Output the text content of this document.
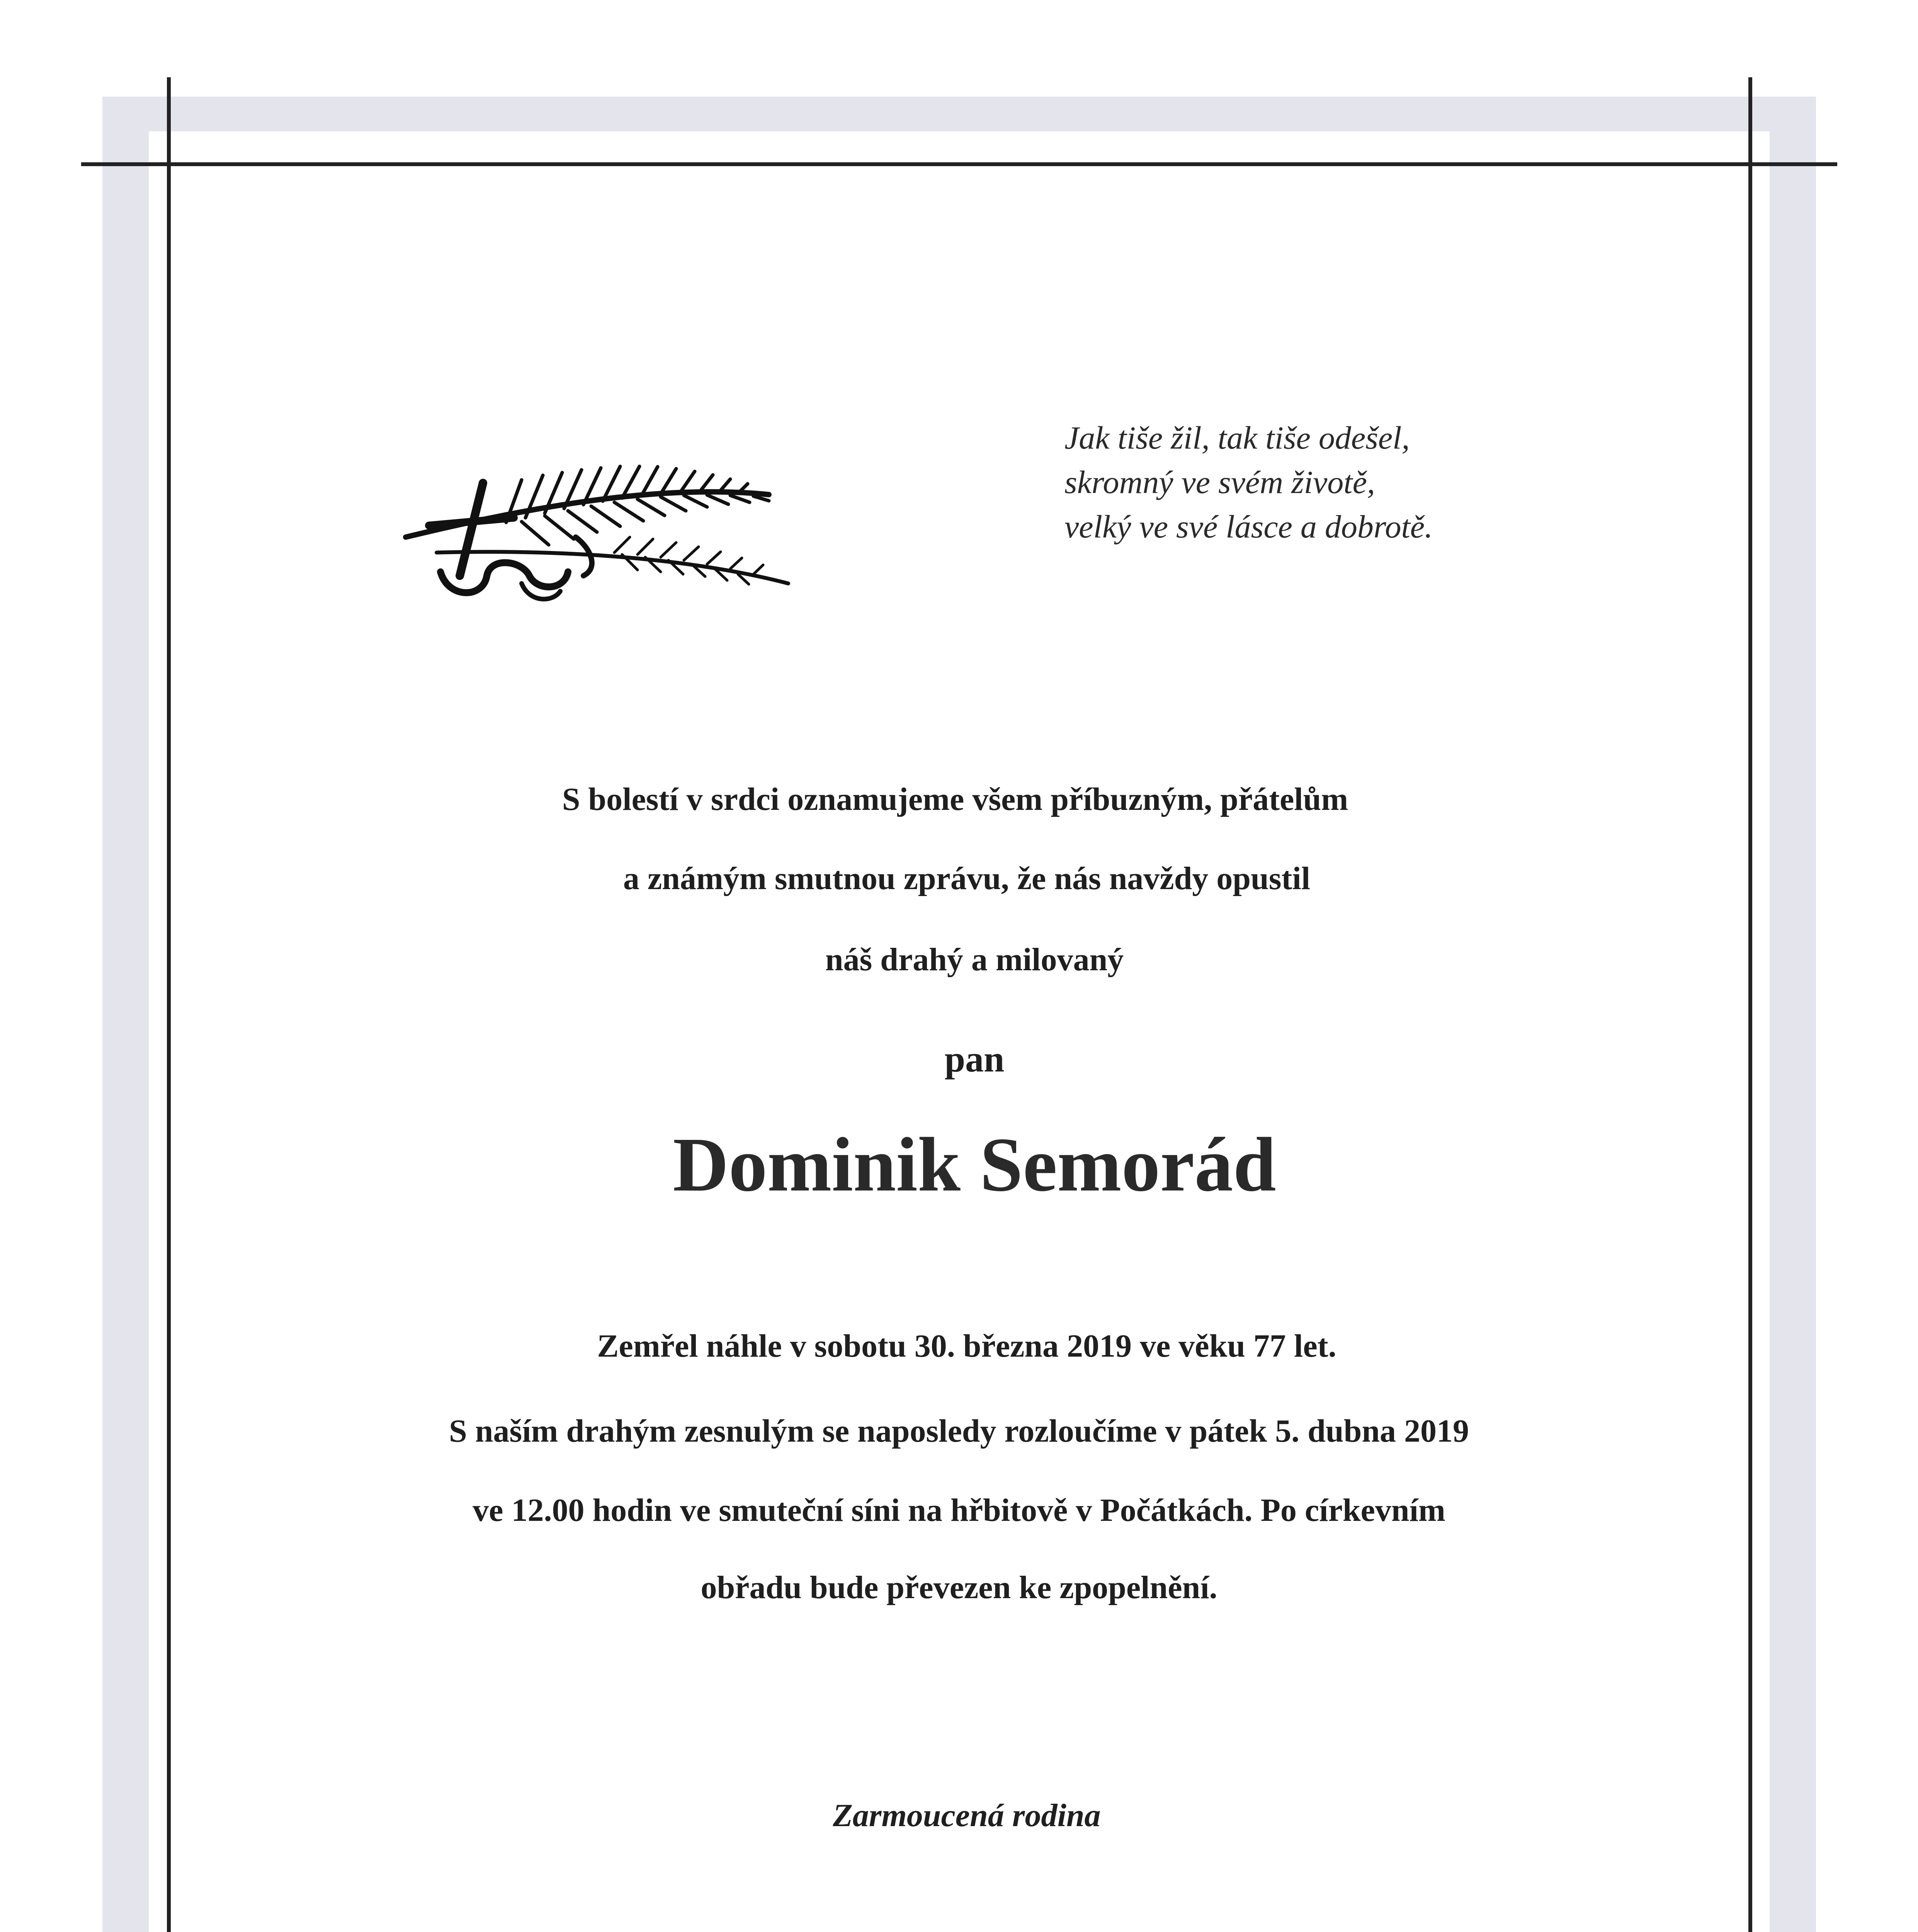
Jak tiše žil, tak tiše odešel,
skromný ve svém životě,
velký ve své lásce a dobrotě.
S bolestí v srdci oznamujeme všem příbuzným, přátelům
a známým smutnou zprávu, že nás navždy opustil
náš drahý a milovaný
pan
Dominik Semorád
Zemřel náhle v sobotu 30. března 2019 ve věku 77 let.
S naším drahým zesnulým se naposledy rozloučíme v pátek 5. dubna 2019
ve 12.00 hodin ve smuteční síni na hřbitově v Počátkách. Po církevním
obřadu bude převezen ke zpopelnění.
Zarmoucená rodina
